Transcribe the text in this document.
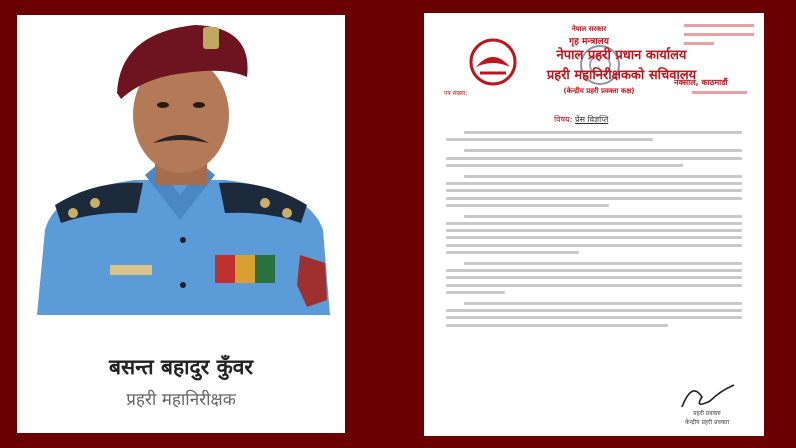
बसन्त बहादुर कुँवर
प्रहरी महानिरीक्षक
नेपाल सरकार
गृह मन्त्रालय
नेपाल प्रहरी प्रधान कार्यालय
प्रहरी महानिरीक्षकको सचिवालय
(केन्द्रीय प्रहरी प्रवक्ता कक्ष)
नक्साल, काठमाडौं
पत्र संख्या:
विषय: प्रेस विज्ञप्ति
प्रहरी प्रवक्ता
केन्द्रीय प्रहरी प्रवक्ता
